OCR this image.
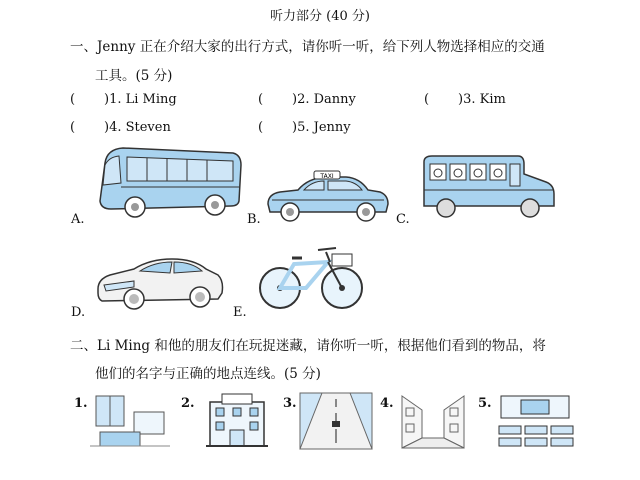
听力部分 (40 分)
一、Jenny 正在介绍大家的出行方式，请你听一听，给下列人物选择相应的交通
工具。(5 分)
( )1. Li Ming	( )2. Danny	( )3. Kim
( )4. Steven	( )5. Jenny
A.	B.	C.
D.	E.
TAXI
二、Li Ming 和他的朋友们在玩捉迷藏，请你听一听，根据他们看到的物品，将
他们的名字与正确的地点连线。(5 分)
1.	2.	3.	4.	5.
